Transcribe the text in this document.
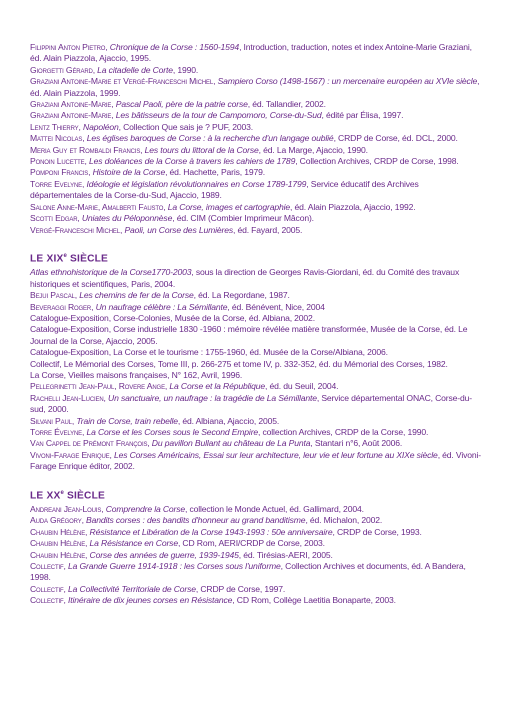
Filippini Anton Pietro, Chronique de la Corse : 1560-1594, Introduction, traduction, notes et index Antoine-Marie Graziani, éd. Alain Piazzola, Ajaccio, 1995.
Giorgetti Gérard, La citadelle de Corte, 1990.
Graziani Antoine-Marie et Vergé-Franceschi Michel, Sampiero Corso (1498-1567) : un mercenaire européen au XVIe siècle, éd. Alain Piazzola, 1999.
Graziani Antoine-Marie, Pascal Paoli, père de la patrie corse, éd. Tallandier, 2002.
Graziani Antoine-Marie, Les bâtisseurs de la tour de Campomoro, Corse-du-Sud, édité par Élisa, 1997.
Lentz Thierry, Napoléon, Collection Que sais je ? PUF, 2003.
Mattei Nicolas, Les églises baroques de Corse : à la recherche d'un langage oublié, CRDP de Corse, éd. DCL, 2000.
Meria Guy et Rombaldi Francis, Les tours du littoral de la Corse, éd. La Marge, Ajaccio, 1990.
Ponoin Lucette, Les doléances de la Corse à travers les cahiers de 1789, Collection Archives, CRDP de Corse, 1998.
Pomponi Francis, Histoire de la Corse, éd. Hachette, Paris, 1979.
Torre Evelyne, Idéologie et législation révolutionnaires en Corse 1789-1799, Service éducatif des Archives départementales de la Corse-du-Sud, Ajaccio, 1989.
Salone Anne-Marie, Amalberti Fausto, La Corse, images et cartographie, éd. Alain Piazzola, Ajaccio, 1992.
Scotti Edgar, Uniates du Péloponnèse, éd. CIM (Combier Imprimeur Mâcon).
Vergé-Franceschi Michel, Paoli, un Corse des Lumières, éd. Fayard, 2005.
LE XIXe SIÈCLE
Atlas ethnohistorique de la Corse1770-2003, sous la direction de Georges Ravis-Giordani, éd. du Comité des travaux historiques et scientifiques, Paris, 2004.
Bejui Pascal, Les chemins de fer de la Corse, éd. La Regordane, 1987.
Beveraggi Roger, Un naufrage célèbre : La Sémillante, éd. Bénévent, Nice, 2004
Catalogue-Exposition, Corse-Colonies, Musée de la Corse, éd. Albiana, 2002.
Catalogue-Exposition, Corse industrielle 1830 -1960 : mémoire révélée matière transformée, Musée de la Corse, éd. Le Journal de la Corse, Ajaccio, 2005.
Catalogue-Exposition, La Corse et le tourisme : 1755-1960, éd. Musée de la Corse/Albiana, 2006.
Collectif, Le Mémorial des Corses, Tome III, p. 266-275 et tome IV, p. 332-352, éd. du Mémorial des Corses, 1982.
La Corse, Vieilles maisons françaises, N° 162, Avril, 1996.
Pellegrinetti Jean-Paul, Rovere Ange, La Corse et la République, éd. du Seuil, 2004.
Rachelli Jean-Lucien, Un sanctuaire, un naufrage : la tragédie de La Sémillante, Service départemental ONAC, Corse-du-sud, 2000.
Silvani Paul, Train de Corse, train rebelle, éd. Albiana, Ajaccio, 2005.
Torre Évelyne, La Corse et les Corses sous le Second Empire, collection Archives, CRDP de la Corse, 1990.
Van Cappel de Prémont François, Du pavillon Bullant au château de La Punta, Stantari n°6, Août 2006.
Vivoni-Farage Enrique, Les Corses Américains, Essai sur leur architecture, leur vie et leur fortune au XIXe siècle, éd. Vivoni-Farage Enrique éditor, 2002.
LE XXe SIÈCLE
Andreani Jean-Louis, Comprendre la Corse, collection le Monde Actuel, éd. Gallimard, 2004.
Auda Grégory, Bandits corses : des bandits d'honneur au grand banditisme, éd. Michalon, 2002.
Chaubin Hélène, Résistance et Libération de la Corse 1943-1993 : 50e anniversaire, CRDP de Corse, 1993.
Chaubin Hélène, La Résistance en Corse, CD Rom, AERI/CRDP de Corse, 2003.
Chaubin Hélène, Corse des années de guerre, 1939-1945, éd. Tirésias-AERI, 2005.
Collectif, La Grande Guerre 1914-1918 : les Corses sous l'uniforme, Collection Archives et documents, éd. A Bandera, 1998.
Collectif, La Collectivité Territoriale de Corse, CRDP de Corse, 1997.
Collectif, Itinéraire de dix jeunes corses en Résistance, CD Rom, Collège Laetitia Bonaparte, 2003.
